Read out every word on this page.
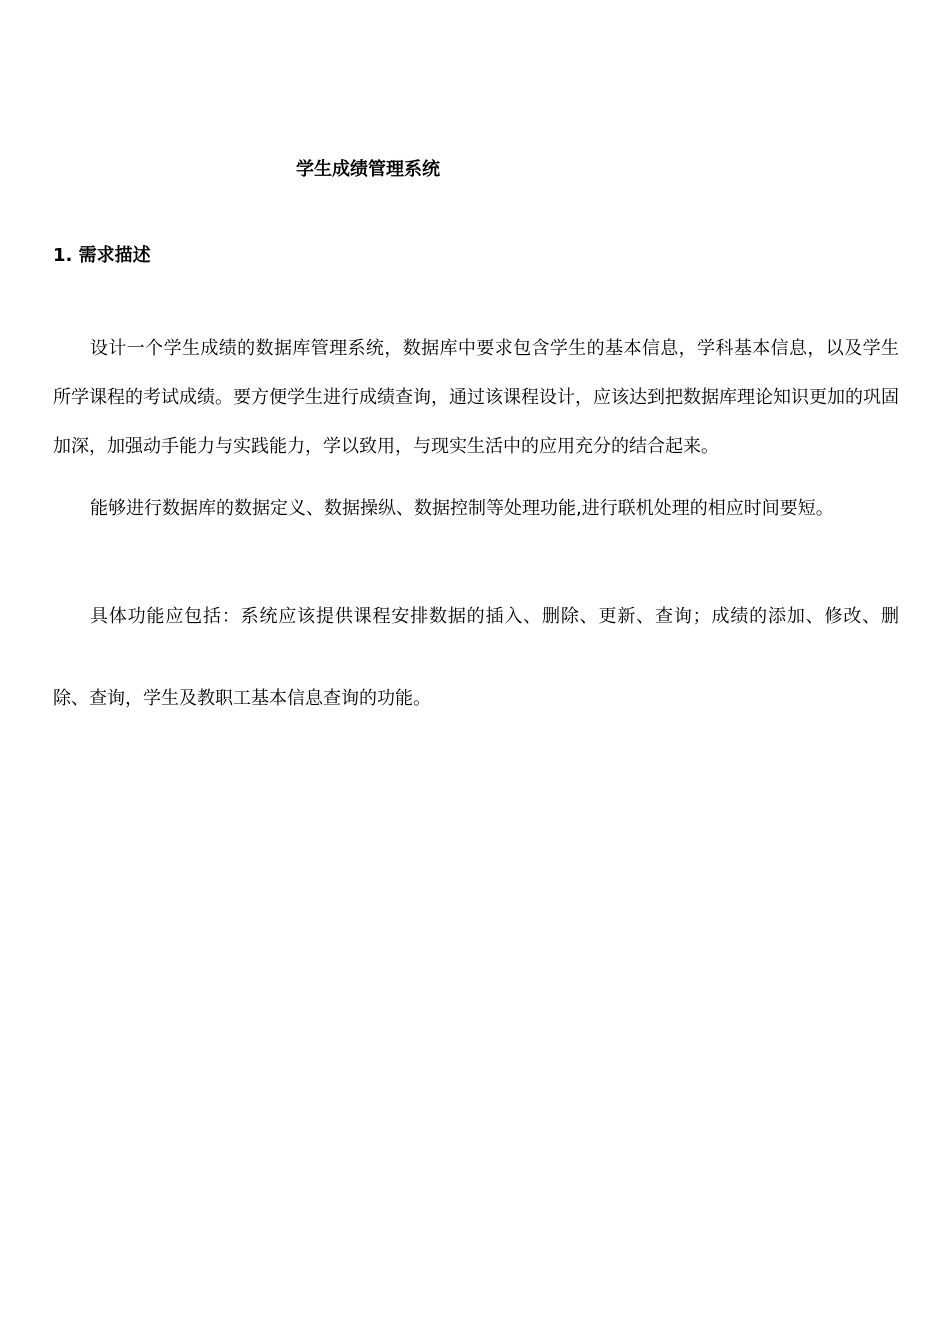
学生成绩管理系统
1. 需求描述

设计一个学生成绩的数据库管理系统，数据库中要求包含学生的基本信息，学科基本信息，以及学生所学课程的考试成绩。要方便学生进行成绩查询，通过该课程设计，应该达到把数据库理论知识更加的巩固加深，加强动手能力与实践能力，学以致用，与现实生活中的应用充分的结合起来。

能够进行数据库的数据定义、数据操纵、数据控制等处理功能,进行联机处理的相应时间要短。

具体功能应包括：系统应该提供课程安排数据的插入、删除、更新、查询；成绩的添加、修改、删除、查询，学生及教职工基本信息查询的功能。
